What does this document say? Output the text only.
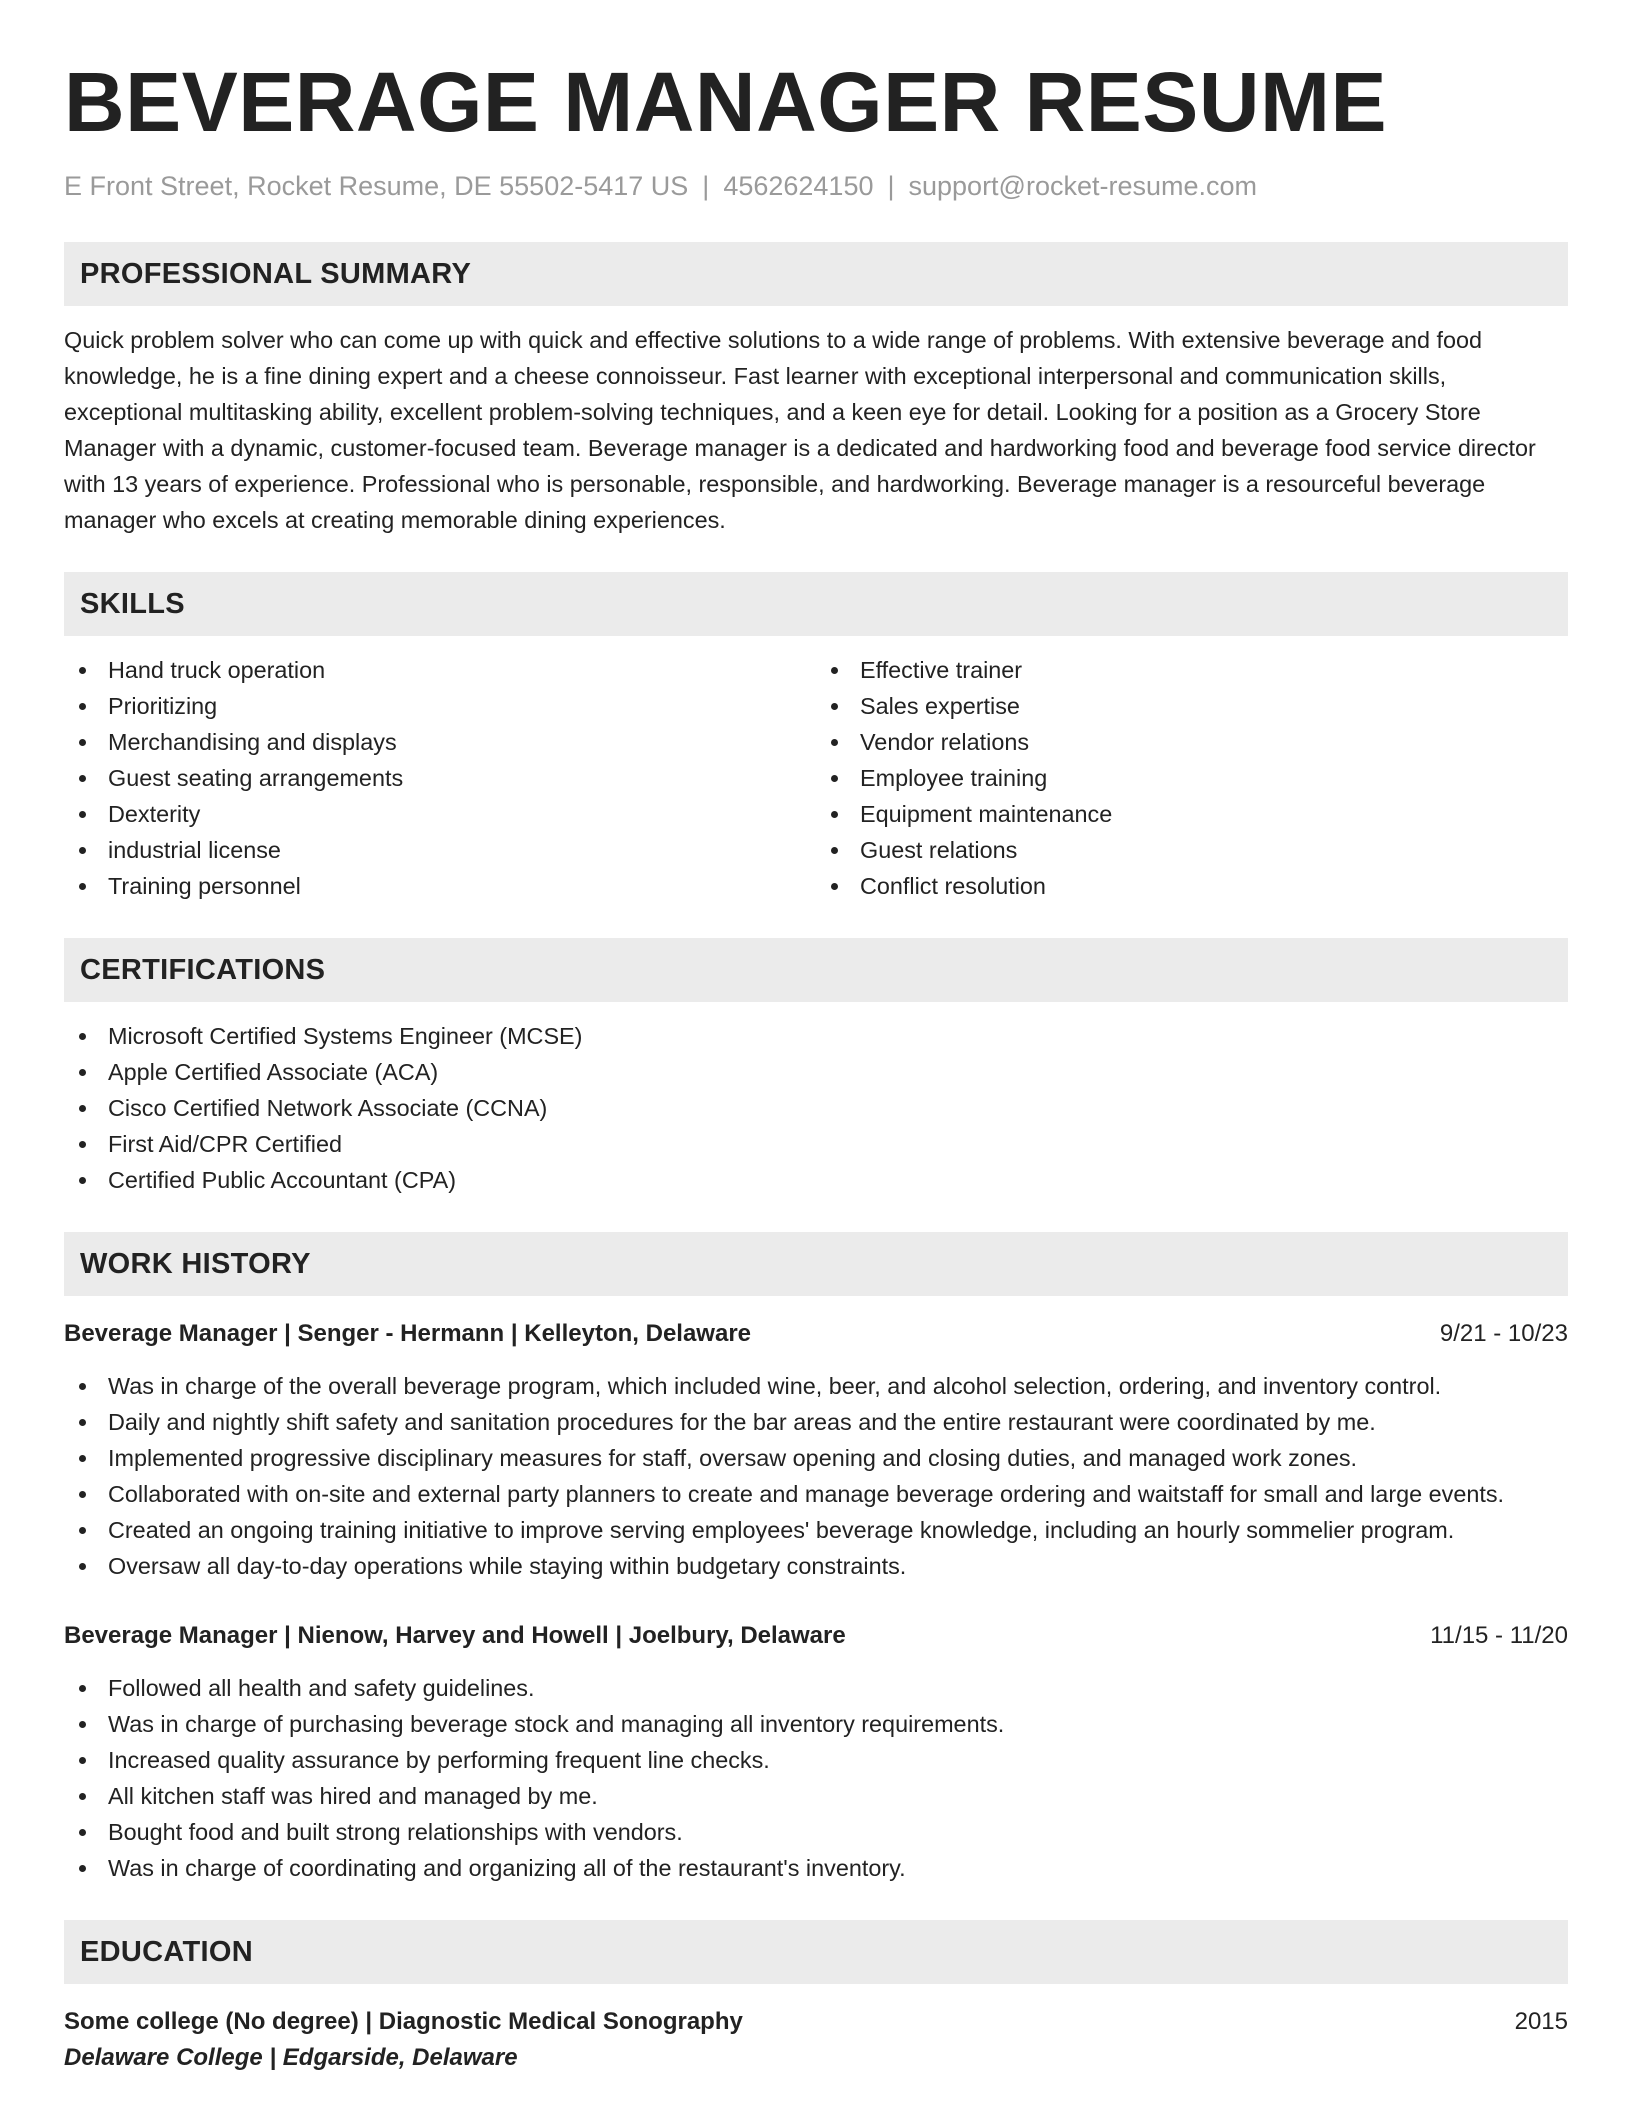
BEVERAGE MANAGER RESUME
E Front Street, Rocket Resume, DE 55502-5417 US | 4562624150 | support@rocket-resume.com
PROFESSIONAL SUMMARY

Quick problem solver who can come up with quick and effective solutions to a wide range of problems. With extensive beverage and food knowledge, he is a fine dining expert and a cheese connoisseur. Fast learner with exceptional interpersonal and communication skills, exceptional multitasking ability, excellent problem-solving techniques, and a keen eye for detail. Looking for a position as a Grocery Store Manager with a dynamic, customer-focused team. Beverage manager is a dedicated and hardworking food and beverage food service director with 13 years of experience. Professional who is personable, responsible, and hardworking. Beverage manager is a resourceful beverage manager who excels at creating memorable dining experiences.

SKILLS
Hand truck operation
Prioritizing
Merchandising and displays
Guest seating arrangements
Dexterity
industrial license
Training personnel
Effective trainer
Sales expertise
Vendor relations
Employee training
Equipment maintenance
Guest relations
Conflict resolution
CERTIFICATIONS
Microsoft Certified Systems Engineer (MCSE)
Apple Certified Associate (ACA)
Cisco Certified Network Associate (CCNA)
First Aid/CPR Certified
Certified Public Accountant (CPA)
WORK HISTORY
Beverage Manager | Senger - Hermann | Kelleyton, Delaware	9/21 - 10/23
Was in charge of the overall beverage program, which included wine, beer, and alcohol selection, ordering, and inventory control.
Daily and nightly shift safety and sanitation procedures for the bar areas and the entire restaurant were coordinated by me.
Implemented progressive disciplinary measures for staff, oversaw opening and closing duties, and managed work zones.
Collaborated with on-site and external party planners to create and manage beverage ordering and waitstaff for small and large events.
Created an ongoing training initiative to improve serving employees' beverage knowledge, including an hourly sommelier program.
Oversaw all day-to-day operations while staying within budgetary constraints.
Beverage Manager | Nienow, Harvey and Howell | Joelbury, Delaware	11/15 - 11/20
Followed all health and safety guidelines.
Was in charge of purchasing beverage stock and managing all inventory requirements.
Increased quality assurance by performing frequent line checks.
All kitchen staff was hired and managed by me.
Bought food and built strong relationships with vendors.
Was in charge of coordinating and organizing all of the restaurant's inventory.
EDUCATION
Some college (No degree) | Diagnostic Medical Sonography	2015
Delaware College | Edgarside, Delaware
